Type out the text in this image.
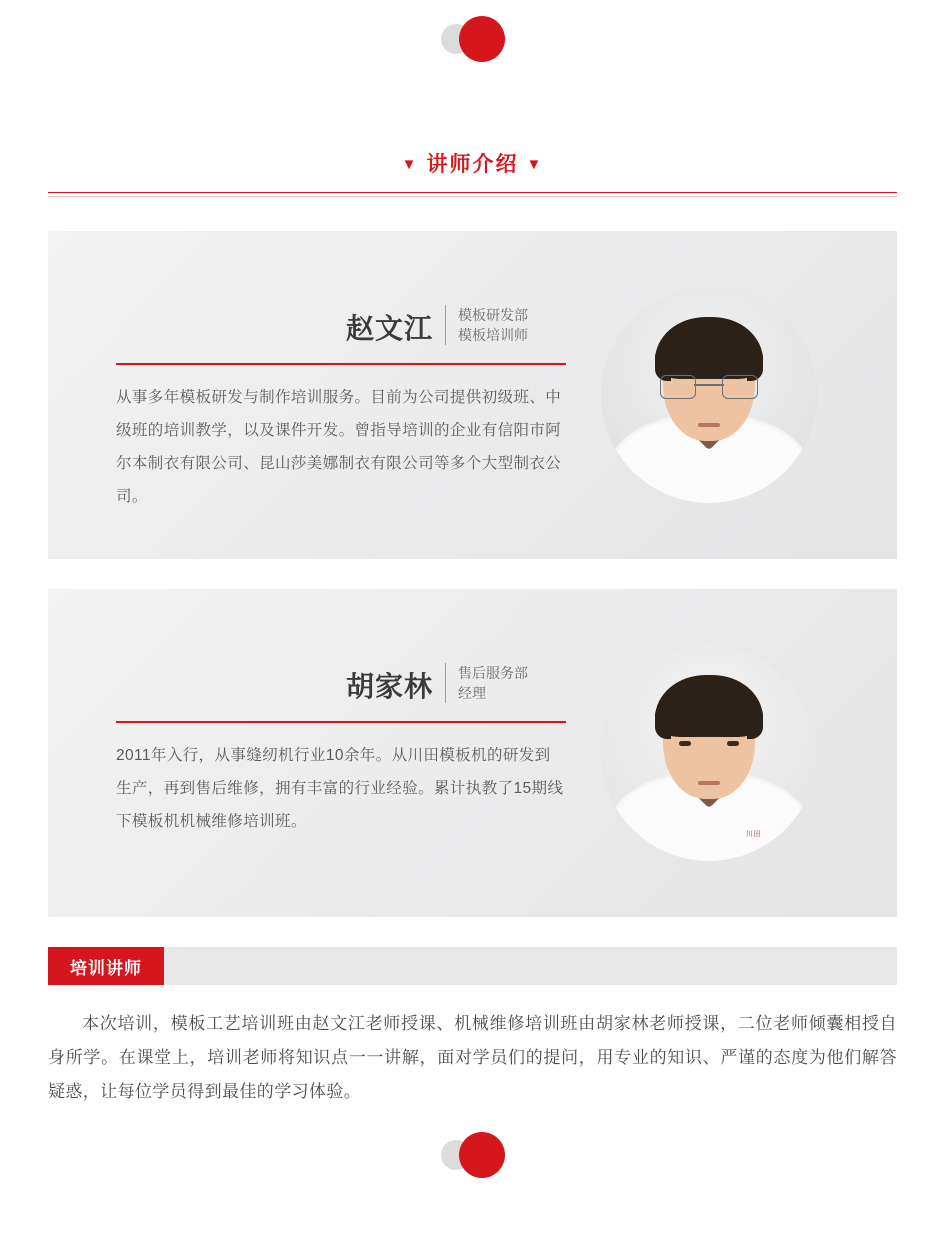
▼ 讲师介绍 ▼
赵文江 模板研发部
模板培训师
从事多年模板研发与制作培训服务。目前为公司提供初级班、中级班的培训教学，以及课件开发。曾指导培训的企业有信阳市阿尔本制衣有限公司、昆山莎美娜制衣有限公司等多个大型制衣公司。
胡家林 售后服务部
经理
2011年入行，从事缝纫机行业10余年。从川田模板机的研发到生产，再到售后维修，拥有丰富的行业经验。累计执教了15期线下模板机机械维修培训班。
川田
培训讲师

本次培训，模板工艺培训班由赵文江老师授课、机械维修培训班由胡家林老师授课，二位老师倾囊相授自身所学。在课堂上，培训老师将知识点一一讲解，面对学员们的提问，用专业的知识、严谨的态度为他们解答疑惑，让每位学员得到最佳的学习体验。
